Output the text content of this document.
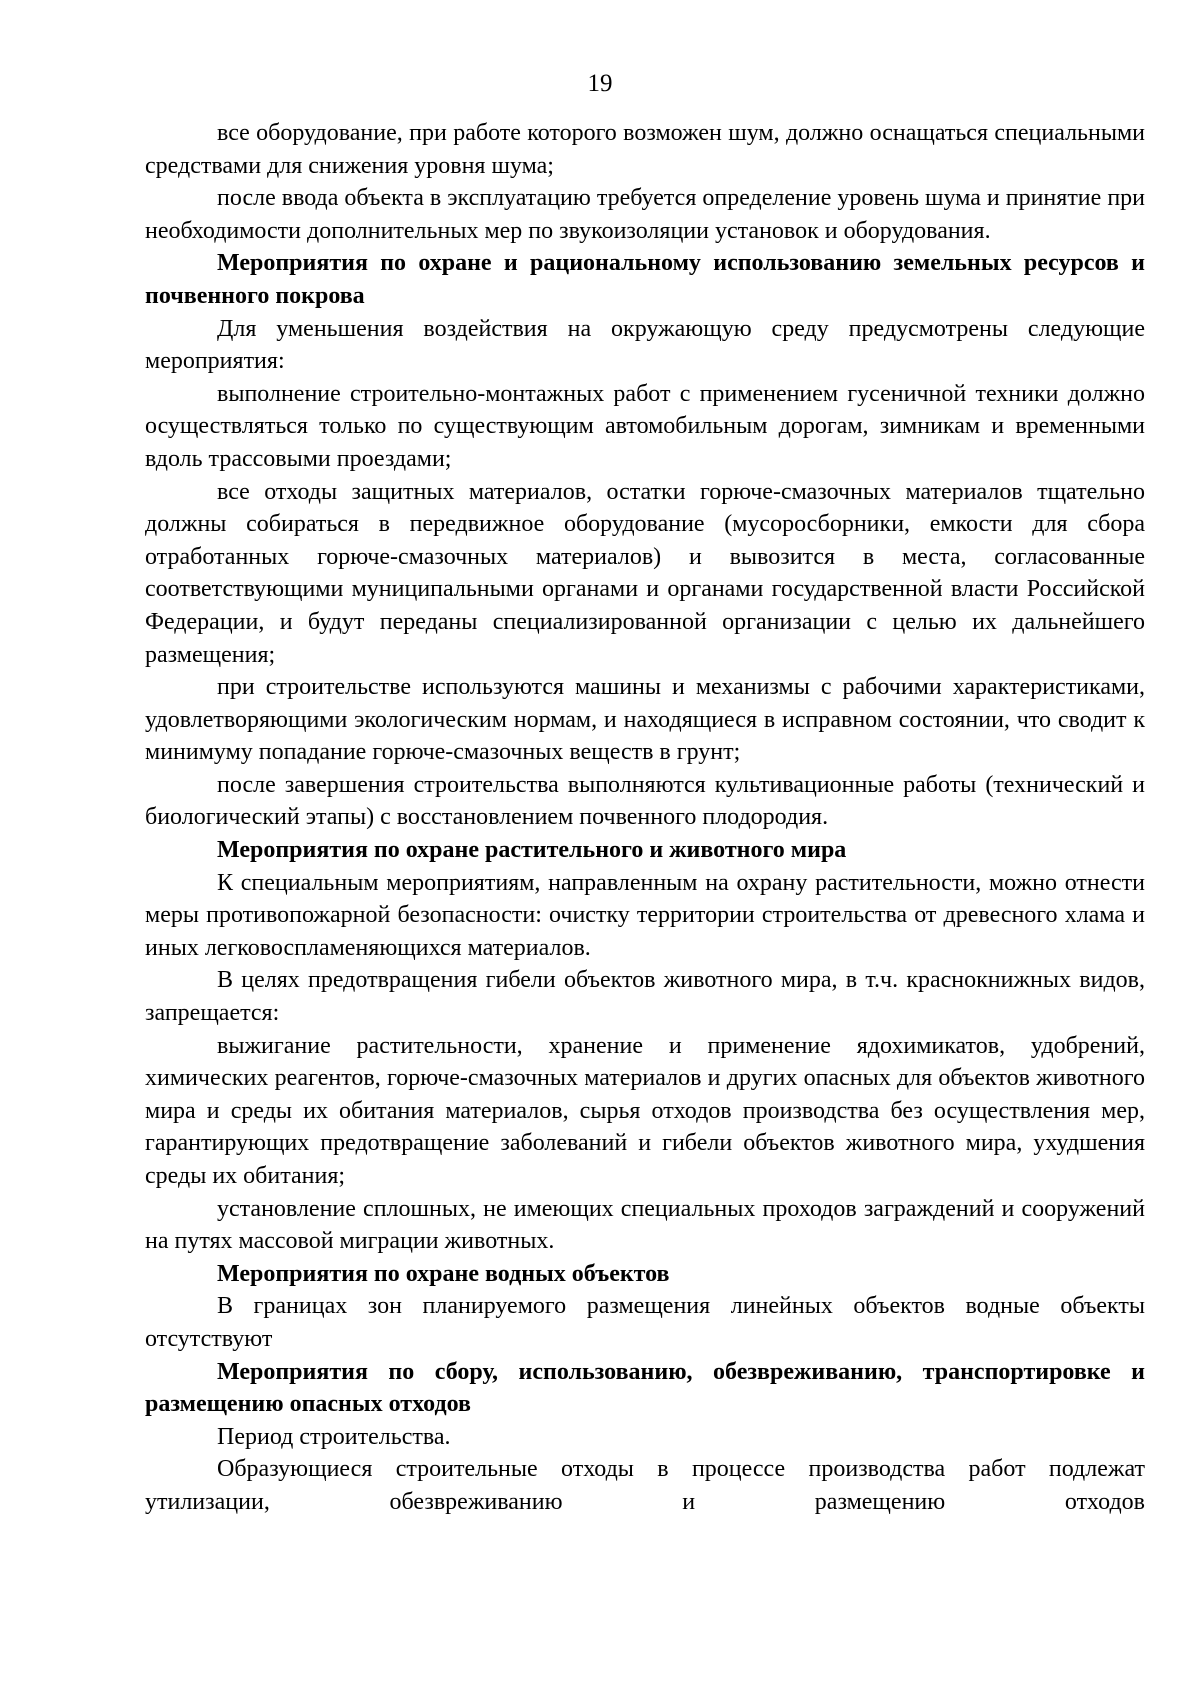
19

все оборудование, при работе которого возможен шум, должно оснащаться специальными средствами для снижения уровня шума;

после ввода объекта в эксплуатацию требуется определение уровень шума и принятие при необходимости дополнительных мер по звукоизоляции установок и оборудования.

Мероприятия по охране и рациональному использованию земельных ресурсов и почвенного покрова

Для уменьшения воздействия на окружающую среду предусмотрены следующие мероприятия:

выполнение строительно-монтажных работ с применением гусеничной техники должно осуществляться только по существующим автомобильным дорогам, зимникам и временными вдоль трассовыми проездами;

все отходы защитных материалов, остатки горюче-смазочных материалов тщательно должны собираться в передвижное оборудование (мусоросборники, емкости для сбора отработанных горюче-смазочных материалов) и вывозится в места, согласованные соответствующими муниципальными органами и органами государственной власти Российской Федерации, и будут переданы специализированной организации с целью их дальнейшего размещения;

при строительстве используются машины и механизмы с рабочими характеристиками, удовлетворяющими экологическим нормам, и находящиеся в исправном состоянии, что сводит к минимуму попадание горюче-смазочных веществ в грунт;

после завершения строительства выполняются культивационные работы (технический и биологический этапы) с восстановлением почвенного плодородия.

Мероприятия по охране растительного и животного мира

К специальным мероприятиям, направленным на охрану растительности, можно отнести меры противопожарной безопасности: очистку территории строительства от древесного хлама и иных легковоспламеняющихся материалов.

В целях предотвращения гибели объектов животного мира, в т.ч. краснокнижных видов, запрещается:

выжигание растительности, хранение и применение ядохимикатов, удобрений, химических реагентов, горюче-смазочных материалов и других опасных для объектов животного мира и среды их обитания материалов, сырья отходов производства без осуществления мер, гарантирующих предотвращение заболеваний и гибели объектов животного мира, ухудшения среды их обитания;

установление сплошных, не имеющих специальных проходов заграждений и сооружений на путях массовой миграции животных.

Мероприятия по охране водных объектов

В границах зон планируемого размещения линейных объектов водные объекты отсутствуют

Мероприятия по сбору, использованию, обезвреживанию, транспортировке и размещению опасных отходов

Период строительства.

Образующиеся строительные отходы в процессе производства работ подлежат утилизации, обезвреживанию и размещению отходов
